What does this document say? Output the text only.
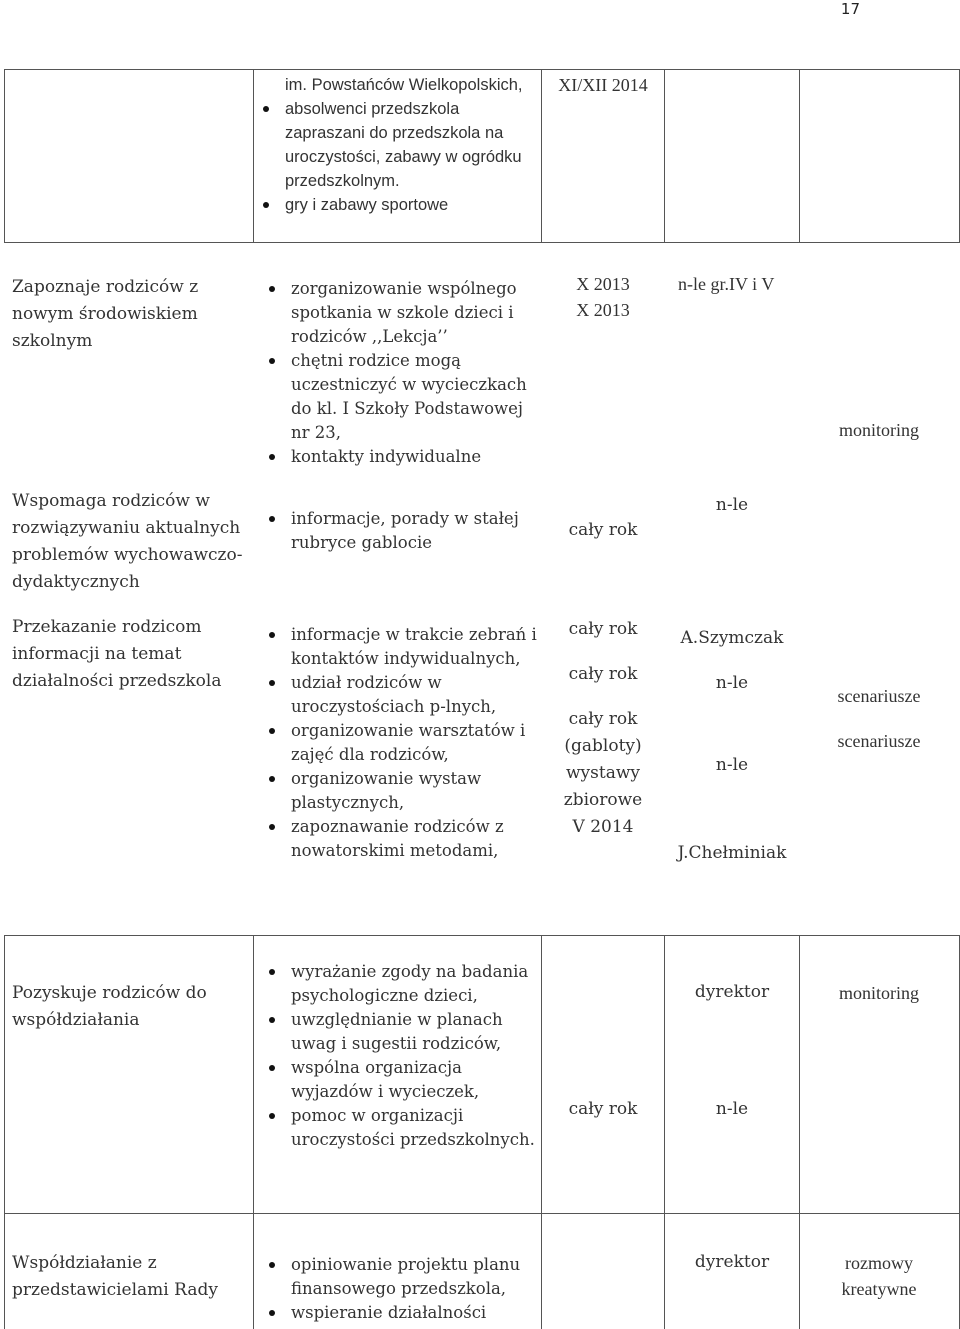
17
im. Powstańców Wielkopolskich,
absolwenci przedszkola zapraszani do przedszkola na uroczystości, zabawy w ogródku przedszkolnym.
gry i zabawy sportowe
XI/XII 2014
Zapoznaje rodziców z nowym środowiskiem szkolnym
zorganizowanie wspólnego spotkania w szkole dzieci i rodziców ,,Lekcja’’
chętni rodzice mogą uczestniczyć w wycieczkach do kl. I Szkoły Podstawowej nr 23,
kontakty indywidualne
X 2013
X 2013
n-le gr.IV i V
monitoring
Wspomaga rodziców w rozwiązywaniu aktualnych problemów wychowawczo-dydaktycznych
informacje, porady w stałej rubryce gablocie
cały rok
n-le
Przekazanie rodzicom informacji na temat działalności przedszkola
informacje w trakcie zebrań i kontaktów indywidualnych,
udział rodziców w uroczystościach p-lnych,
organizowanie warsztatów i zajęć dla rodziców,
organizowanie wystaw plastycznych,
zapoznawanie rodziców z nowatorskimi metodami,
cały rok
cały rok
cały rok
(gabloty)
wystawy
zbiorowe
V 2014
A.Szymczak
n-le
n-le
J.Chełminiak
scenariusze
scenariusze
Pozyskuje rodziców do współdziałania
wyrażanie zgody na badania psychologiczne dzieci,
uwzględnianie w planach uwag i sugestii rodziców,
wspólna organizacja wyjazdów i wycieczek,
pomoc w organizacji uroczystości przedszkolnych.
cały rok
dyrektor
n-le
monitoring
Współdziałanie z przedstawicielami Rady
opiniowanie projektu planu finansowego przedszkola,
wspieranie działalności
dyrektor	rozmowy
kreatywne
